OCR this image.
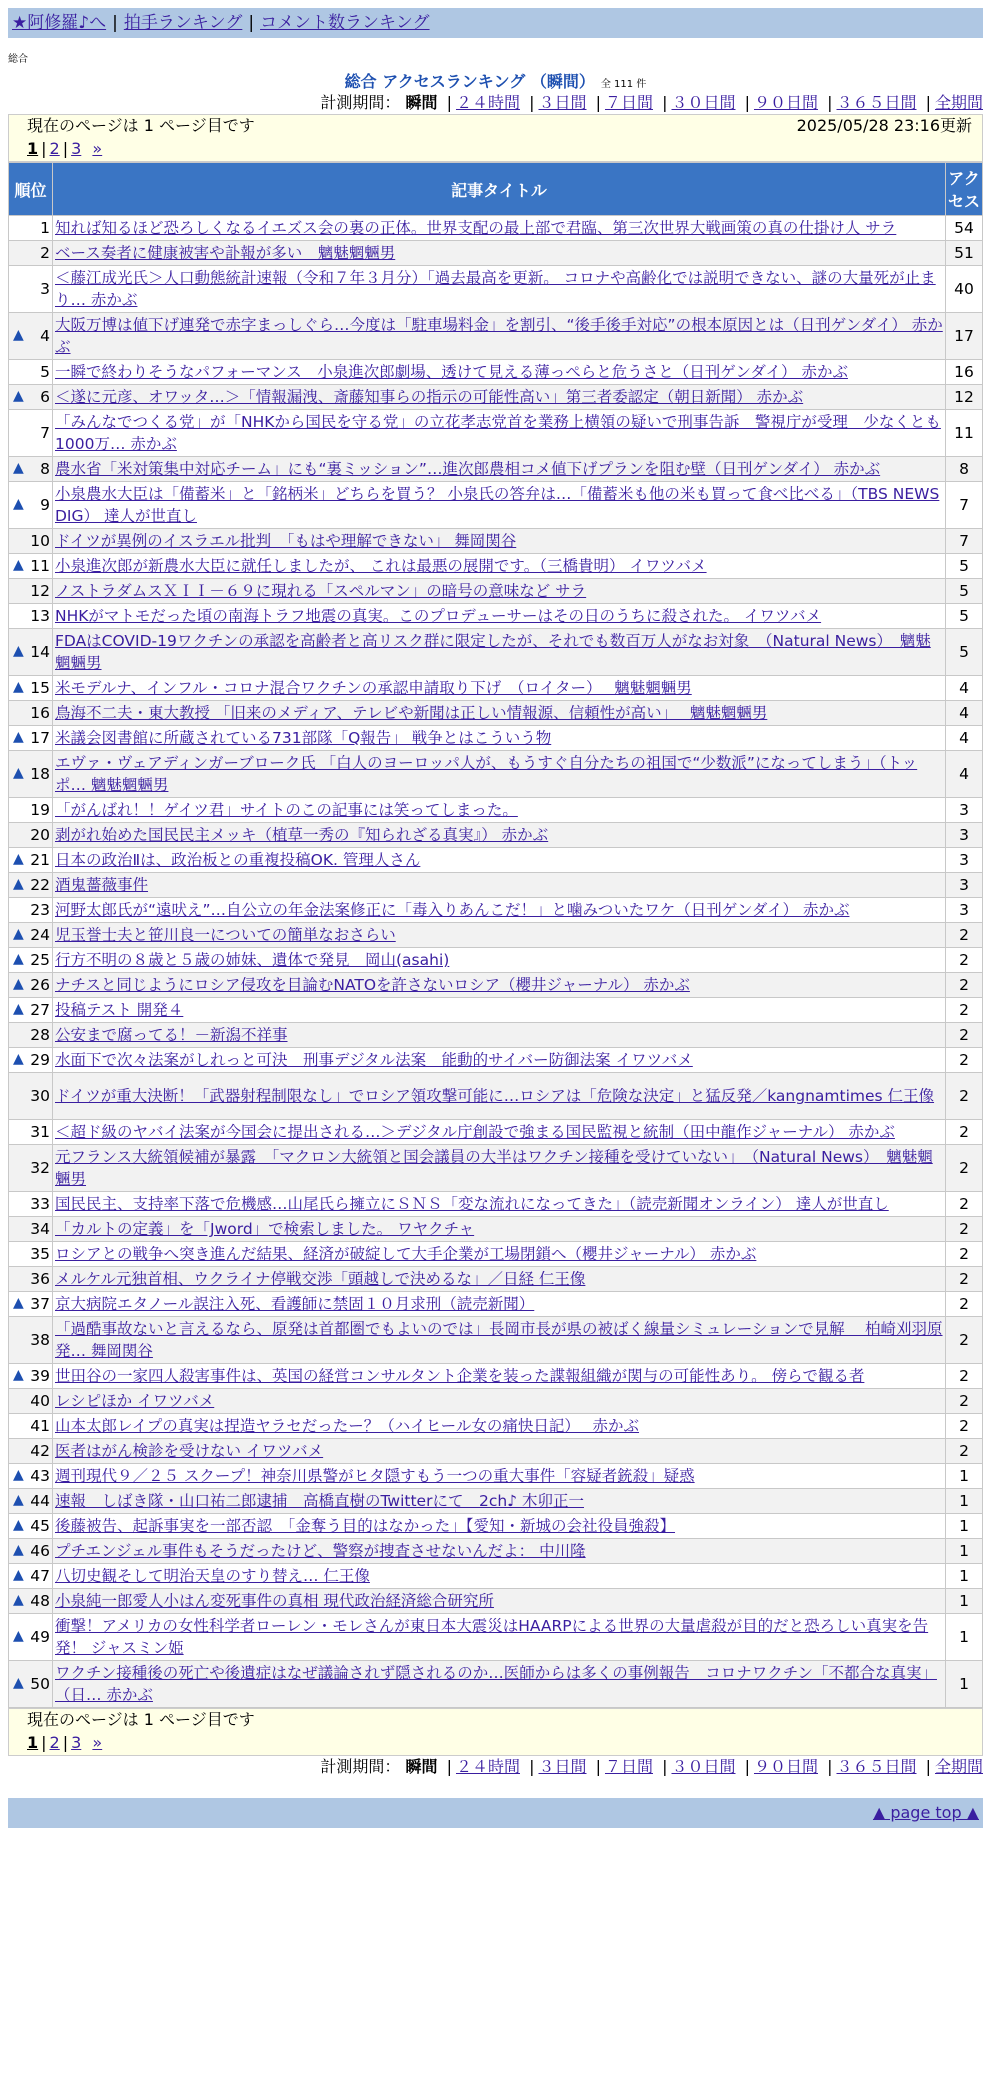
★阿修羅♪へ | 拍手ランキング | コメント数ランキング
総合
総合 アクセスランキング （瞬間） 全 111 件
計測期間： 瞬間 | ２４時間 | ３日間 | ７日間 | ３０日間 | ９０日間 | ３６５日間 | 全期間
現在のページは 1 ページ目です	2025/05/28 23:16更新
1 | 2 | 3 »
順位	記事タイトル	アクセス
1	知れば知るほど恐ろしくなるイエズス会の裏の正体。世界支配の最上部で君臨、第三次世界大戦画策の真の仕掛け人 サラ	54
2	ベース奏者に健康被害や訃報が多い　魑魅魍魎男	51
3	＜藤江成光氏＞人口動態統計速報（令和７年３月分）「過去最高を更新。 コロナや高齢化では説明できない、謎の大量死が止まり… 赤かぶ	40

▲ 4	大阪万博は値下げ連発で赤字まっしぐら…今度は「駐車場料金」を割引、“後手後手対応”の根本原因とは（日刊ゲンダイ） 赤かぶ	17
5	一瞬で終わりそうなパフォーマンス　小泉進次郎劇場、透けて見える薄っぺらと危うさと（日刊ゲンダイ） 赤かぶ	16

▲ 6	＜遂に元彦、オワッタ…＞「情報漏洩、斎藤知事らの指示の可能性高い」第三者委認定（朝日新聞） 赤かぶ	12
7	「みんなでつくる党」が「NHKから国民を守る党」の立花孝志党首を業務上横領の疑いで刑事告訴　警視庁が受理　少なくとも1000万… 赤かぶ	11

▲ 8	農水省「米対策集中対応チーム」にも“裏ミッション”…進次郎農相コメ値下げプランを阻む壁（日刊ゲンダイ） 赤かぶ	8

▲ 9	小泉農水大臣は「備蓄米」と「銘柄米」どちらを買う？ 小泉氏の答弁は…「備蓄米も他の米も買って食べ比べる」（TBS NEWS DIG） 達人が世直し	7
10	ドイツが異例のイスラエル批判　「もはや理解できない」 舞岡関谷	7

▲ 11	小泉進次郎が新農水大臣に就任しましたが、 これは最悪の展開です。（三橋貴明） イワツバメ	5
12	ノストラダムスＸＩＩ－６９に現れる「スペルマン」の暗号の意味など サラ	5
13	NHKがマトモだった頃の南海トラフ地震の真実。このプロデューサーはその日のうちに殺された。 イワツバメ	5

▲ 14	FDAはCOVID-19ワクチンの承認を高齢者と高リスク群に限定したが、それでも数百万人がなお対象　（Natural News）　魑魅魍魎男	5

▲ 15	米モデルナ、インフル・コロナ混合ワクチンの承認申請取り下げ　（ロイター）　 魑魅魍魎男	4
16	鳥海不二夫・東大教授 「旧来のメディア、テレビや新聞は正しい情報源、信頼性が高い」　 魑魅魍魎男	4

▲ 17	米議会図書館に所蔵されている731部隊「Q報告」 戦争とはこういう物	4

▲ 18	エヴァ・ヴェアディンガーブローク氏 「白人のヨーロッパ人が、もうすぐ自分たちの祖国で“少数派”になってしまう」（トッポ… 魑魅魍魎男	4
19	「がんばれ！！ゲイツ君」サイトのこの記事には笑ってしまった。	3
20	剥がれ始めた国民民主メッキ（植草一秀の『知られざる真実』） 赤かぶ	3

▲ 21	日本の政治Ⅱは、政治板との重複投稿OK. 管理人さん	3

▲ 22	酒鬼薔薇事件	3
23	河野太郎氏が“遠吠え”…自公立の年金法案修正に「毒入りあんこだ！」と噛みついたワケ（日刊ゲンダイ） 赤かぶ	3

▲ 24	児玉誉士夫と笹川良一についての簡単なおさらい	2

▲ 25	行方不明の８歳と５歳の姉妹、遺体で発見　岡山(asahi)	2

▲ 26	ナチスと同じようにロシア侵攻を目論むNATOを許さないロシア（櫻井ジャーナル） 赤かぶ	2

▲ 27	投稿テスト 開発４	2
28	公安まで腐ってる！－新潟不祥事	2

▲ 29	水面下で次々法案がしれっと可決　刑事デジタル法案　能動的サイバー防御法案 イワツバメ	2
30	ドイツが重大決断！「武器射程制限なし」でロシア領攻撃可能に…ロシアは「危険な決定」と猛反発／kangnamtimes 仁王像	2
31	＜超ド級のヤバイ法案が今国会に提出される…＞デジタル庁創設で強まる国民監視と統制（田中龍作ジャーナル） 赤かぶ	2
32	元フランス大統領候補が暴露　「マクロン大統領と国会議員の大半はワクチン接種を受けていない」　（Natural News）　魑魅魍魎男	2
33	国民民主、支持率下落で危機感…山尾氏ら擁立にＳＮＳ「変な流れになってきた」（読売新聞オンライン） 達人が世直し	2
34	「カルトの定義」を「Jword」で検索しました。 ワヤクチャ	2
35	ロシアとの戦争へ突き進んだ結果、経済が破綻して大手企業が工場閉鎖へ（櫻井ジャーナル） 赤かぶ	2
36	メルケル元独首相、ウクライナ停戦交渉「頭越しで決めるな」／日経 仁王像	2

▲ 37	京大病院エタノール誤注入死、看護師に禁固１０月求刑（読売新聞）	2
38	「過酷事故ないと言えるなら、原発は首都圏でもよいのでは」長岡市長が県の被ばく線量シミュレーションで見解　 柏崎刈羽原発… 舞岡関谷	2

▲ 39	世田谷の一家四人殺害事件は、英国の経営コンサルタント企業を装った諜報組織が関与の可能性あり。 傍らで観る者	2
40	レシピほか イワツバメ	2
41	山本太郎レイプの真実は捏造ヤラセだったー？（ハイヒール女の痛快日記）　 赤かぶ	2
42	医者はがん検診を受けない イワツバメ	2

▲ 43	週刊現代９／２５ スクープ！神奈川県警がヒタ隠すもう一つの重大事件「容疑者銃殺」疑惑	1

▲ 44	速報　しばき隊・山口祐二郎逮捕　高橋直樹のTwitterにて　2ch♪ 木卯正一	1

▲ 45	後藤被告、起訴事実を一部否認　「金奪う目的はなかった」【愛知・新城の会社役員強殺】	1

▲ 46	プチエンジェル事件もそうだったけど、警察が捜査させないんだよ： 中川隆	1

▲ 47	八切史観そして明治天皇のすり替え… 仁王像	1

▲ 48	小泉純一郎愛人小はん変死事件の真相 現代政治経済総合研究所	1

▲ 49	衝撃！アメリカの女性科学者ローレン・モレさんが東日本大震災はHAARPによる世界の大量虐殺が目的だと恐ろしい真実を告発！ ジャスミン姫	1

▲ 50	ワクチン接種後の死亡や後遺症はなぜ議論されず隠されるのか…医師からは多くの事例報告　コロナワクチン「不都合な真実」（日… 赤かぶ	1
現在のページは 1 ページ目です
1 | 2 | 3 »
計測期間： 瞬間 | ２４時間 | ３日間 | ７日間 | ３０日間 | ９０日間 | ３６５日間 | 全期間
▲ page top ▲
